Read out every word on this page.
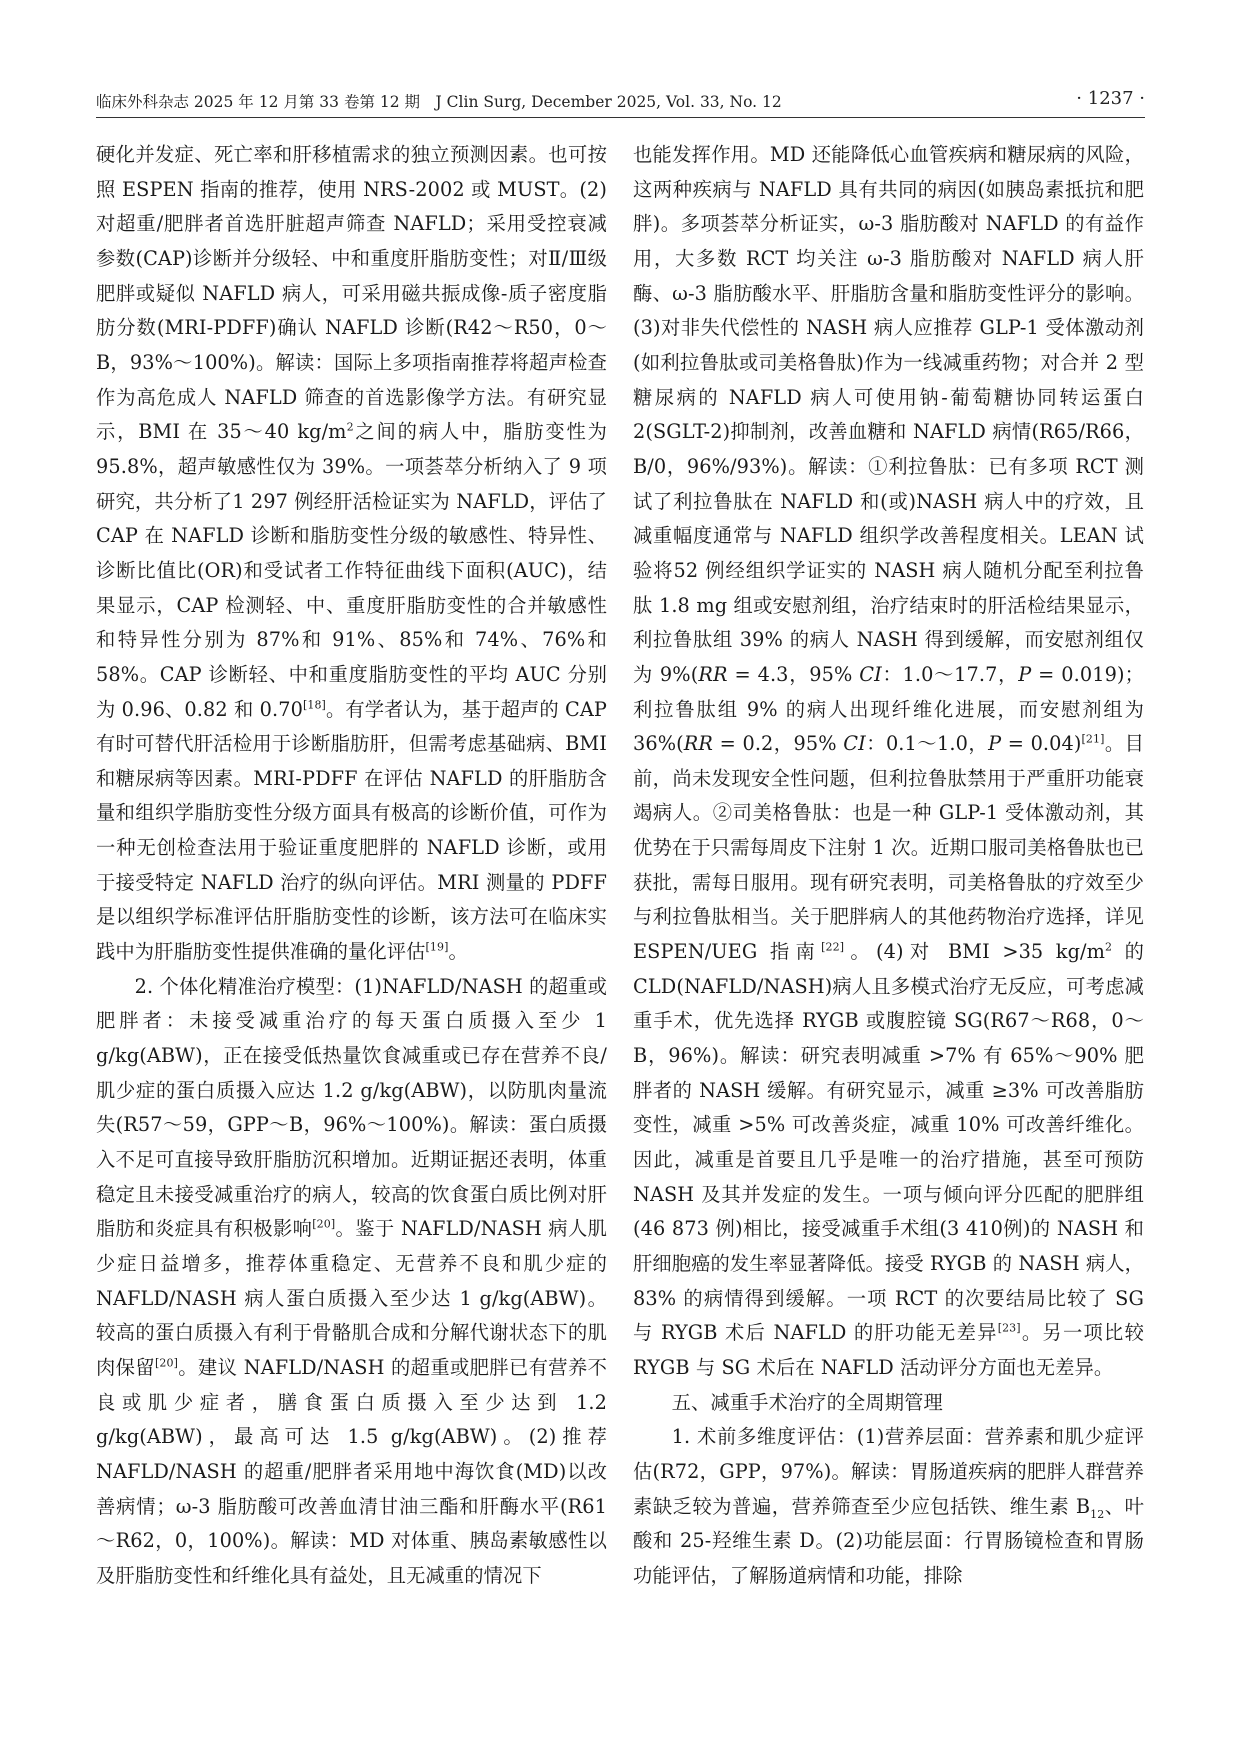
临床外科杂志 2025 年 12 月第 33 卷第 12 期　J Clin Surg, December 2025, Vol. 33, No. 12	· 1237 ·

硬化并发症、死亡率和肝移植需求的独立预测因素。也可按照 ESPEN 指南的推荐，使用 NRS-2002 或 MUST。(2)对超重/肥胖者首选肝脏超声筛查 NAFLD；采用受控衰减参数(CAP)诊断并分级轻、中和重度肝脂肪变性；对Ⅱ/Ⅲ级肥胖或疑似 NAFLD 病人，可采用磁共振成像-质子密度脂肪分数(MRI-PDFF)确认 NAFLD 诊断(R42～R50，0～B，93%～100%)。解读：国际上多项指南推荐将超声检查作为高危成人 NAFLD 筛查的首选影像学方法。有研究显示，BMI 在 35～40 $kg/m^2$之间的病人中，脂肪变性为 95.8%，超声敏感性仅为 39%。一项荟萃分析纳入了 9 项研究，共分析了1 297 例经肝活检证实为 NAFLD，评估了 CAP 在 NAFLD 诊断和脂肪变性分级的敏感性、特异性、诊断比值比(OR)和受试者工作特征曲线下面积(AUC)，结果显示，CAP 检测轻、中、重度肝脂肪变性的合并敏感性和特异性分别为 87%和 91%、85%和 74%、76%和 58%。CAP 诊断轻、中和重度脂肪变性的平均 AUC 分别为 0.96、0.82 和 0.70[18]。有学者认为，基于超声的 CAP 有时可替代肝活检用于诊断脂肪肝，但需考虑基础病、BMI 和糖尿病等因素。MRI-PDFF 在评估 NAFLD 的肝脂肪含量和组织学脂肪变性分级方面具有极高的诊断价值，可作为一种无创检查法用于验证重度肥胖的 NAFLD 诊断，或用于接受特定 NAFLD 治疗的纵向评估。MRI 测量的 PDFF 是以组织学标准评估肝脂肪变性的诊断，该方法可在临床实践中为肝脂肪变性提供准确的量化评估[19]。

2. 个体化精准治疗模型：(1)NAFLD/NASH 的超重或肥胖者：未接受减重治疗的每天蛋白质摄入至少 1 g/kg(ABW)，正在接受低热量饮食减重或已存在营养不良/肌少症的蛋白质摄入应达 1.2 g/kg(ABW)，以防肌肉量流失(R57～59，GPP～B，96%～100%)。解读：蛋白质摄入不足可直接导致肝脂肪沉积增加。近期证据还表明，体重稳定且未接受减重治疗的病人，较高的饮食蛋白质比例对肝脂肪和炎症具有积极影响[20]。鉴于 NAFLD/NASH 病人肌少症日益增多，推荐体重稳定、无营养不良和肌少症的 NAFLD/NASH 病人蛋白质摄入至少达 1 g/kg(ABW)。较高的蛋白质摄入有利于骨骼肌合成和分解代谢状态下的肌肉保留[20]。建议 NAFLD/NASH 的超重或肥胖已有营养不良或肌少症者，膳食蛋白质摄入至少达到 1.2 g/kg(ABW)，最高可达 1.5 g/kg(ABW)。(2)推荐 NAFLD/NASH 的超重/肥胖者采用地中海饮食(MD)以改善病情；ω-3 脂肪酸可改善血清甘油三酯和肝酶水平(R61～R62，0，100%)。解读：MD 对体重、胰岛素敏感性以及肝脂肪变性和纤维化具有益处，且无减重的情况下

也能发挥作用。MD 还能降低心血管疾病和糖尿病的风险，这两种疾病与 NAFLD 具有共同的病因(如胰岛素抵抗和肥胖)。多项荟萃分析证实，ω-3 脂肪酸对 NAFLD 的有益作用，大多数 RCT 均关注 ω-3 脂肪酸对 NAFLD 病人肝酶、ω-3 脂肪酸水平、肝脂肪含量和脂肪变性评分的影响。(3)对非失代偿性的 NASH 病人应推荐 GLP-1 受体激动剂(如利拉鲁肽或司美格鲁肽)作为一线减重药物；对合并 2 型糖尿病的 NAFLD 病人可使用钠-葡萄糖协同转运蛋白 2(SGLT-2)抑制剂，改善血糖和 NAFLD 病情(R65/R66，B/0，96%/93%)。解读：①利拉鲁肽：已有多项 RCT 测试了利拉鲁肽在 NAFLD 和(或)NASH 病人中的疗效，且减重幅度通常与 NAFLD 组织学改善程度相关。LEAN 试验将52 例经组织学证实的 NASH 病人随机分配至利拉鲁肽 1.8 mg 组或安慰剂组，治疗结束时的肝活检结果显示，利拉鲁肽组 39% 的病人 NASH 得到缓解，而安慰剂组仅为 9%(RR = 4.3，95% CI：1.0～17.7，P = 0.019)；利拉鲁肽组 9% 的病人出现纤维化进展，而安慰剂组为 36%(RR = 0.2，95% CI：0.1～1.0，P = 0.04)[21]。目前，尚未发现安全性问题，但利拉鲁肽禁用于严重肝功能衰竭病人。②司美格鲁肽：也是一种 GLP-1 受体激动剂，其优势在于只需每周皮下注射 1 次。近期口服司美格鲁肽也已获批，需每日服用。现有研究表明，司美格鲁肽的疗效至少与利拉鲁肽相当。关于肥胖病人的其他药物治疗选择，详见 ESPEN/UEG 指南[22]。(4)对 BMI >35 $kg/m^2$ 的 CLD(NAFLD/NASH)病人且多模式治疗无反应，可考虑减重手术，优先选择 RYGB 或腹腔镜 SG(R67～R68，0～B，96%)。解读：研究表明减重 >7% 有 65%～90% 肥胖者的 NASH 缓解。有研究显示，减重 ≥3% 可改善脂肪变性，减重 >5% 可改善炎症，减重 10% 可改善纤维化。因此，减重是首要且几乎是唯一的治疗措施，甚至可预防 NASH 及其并发症的发生。一项与倾向评分匹配的肥胖组(46 873 例)相比，接受减重手术组(3 410例)的 NASH 和肝细胞癌的发生率显著降低。接受 RYGB 的 NASH 病人，83% 的病情得到缓解。一项 RCT 的次要结局比较了 SG 与 RYGB 术后 NAFLD 的肝功能无差异[23]。另一项比较 RYGB 与 SG 术后在 NAFLD 活动评分方面也无差异。

五、减重手术治疗的全周期管理

1. 术前多维度评估：(1)营养层面：营养素和肌少症评估(R72，GPP，97%)。解读：胃肠道疾病的肥胖人群营养素缺乏较为普遍，营养筛查至少应包括铁、维生素 $B_{12}$、叶酸和 25-羟维生素 D。(2)功能层面：行胃肠镜检查和胃肠功能评估，了解肠道病情和功能，排除
